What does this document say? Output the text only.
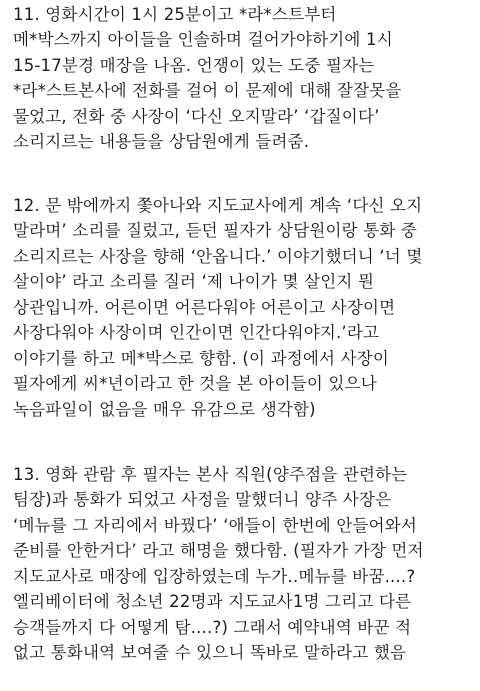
11. 영화시간이 1시 25분이고 *라*스트부터
메*박스까지 아이들을 인솔하며 걸어가야하기에 1시
15-17분경 매장을 나옴. 언쟁이 있는 도중 필자는
*라*스트본사에 전화를 걸어 이 문제에 대해 잘잘못을
물었고, 전화 중 사장이 ‘다신 오지말라’ ‘갑질이다’
소리지르는 내용들을 상담원에게 들려줌.
12. 문 밖에까지 쫓아나와 지도교사에게 계속 ‘다신 오지
말라며’ 소리를 질렀고, 듣던 필자가 상담원이랑 통화 중
소리지르는 사장을 향해 ‘안옵니다.’ 이야기했더니 ‘너 몇
살이야’ 라고 소리를 질러 ‘제 나이가 몇 살인지 뭔
상관입니까. 어른이면 어른다워야 어른이고 사장이면
사장다워야 사장이며 인간이면 인간다워야지.’라고
이야기를 하고 메*박스로 향함. (이 과정에서 사장이
필자에게 씨*년이라고 한 것을 본 아이들이 있으나
녹음파일이 없음을 매우 유감으로 생각함)
13. 영화 관람 후 필자는 본사 직원(양주점을 관련하는
팀장)과 통화가 되었고 사정을 말했더니 양주 사장은
‘메뉴를 그 자리에서 바꿨다’ ‘애들이 한번에 안들어와서
준비를 안한거다’ 라고 해명을 했다함. (필자가 가장 먼저
지도교사로 매장에 입장하였는데 누가..메뉴를 바꿈....?
엘리베이터에 청소년 22명과 지도교사1명 그리고 다른
승객들까지 다 어떻게 탐....?) 그래서 예약내역 바꾼 적
없고 통화내역 보여줄 수 있으니 똑바로 말하라고 했음
